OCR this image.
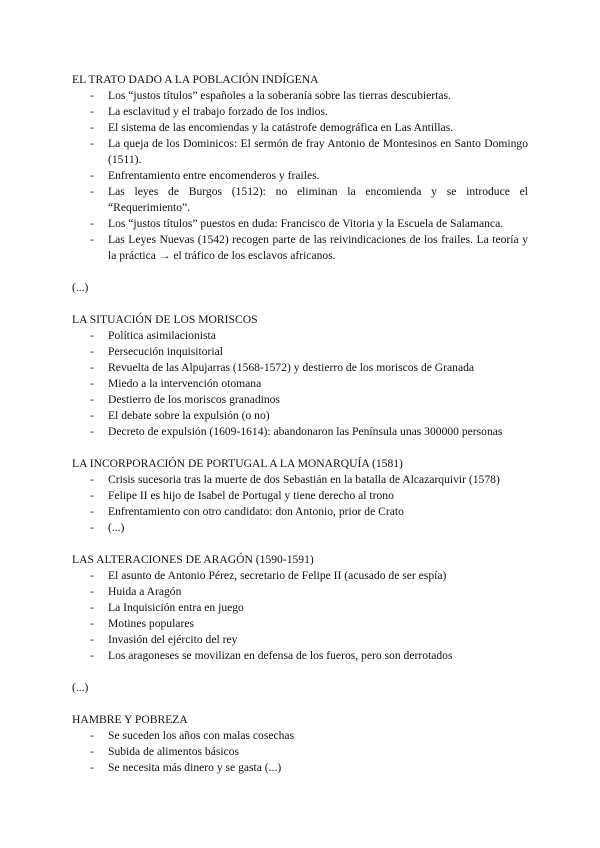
EL TRATO DADO A LA POBLACIÓN INDÍGENA
- Los “justos títulos” españoles a la soberanía sobre las tierras descubiertas.
- La esclavitud y el trabajo forzado de los indios.
- El sistema de las encomiendas y la catástrofe demográfica en Las Antillas.
- La queja de los Dominicos: El sermón de fray Antonio de Montesinos en Santo Domingo (1511).
- Enfrentamiento entre encomenderos y frailes.
- Las leyes de Burgos (1512): no eliminan la encomienda y se introduce el “Requerimiento”.
- Los “justos títulos” puestos en duda: Francisco de Vitoria y la Escuela de Salamanca.
- Las Leyes Nuevas (1542) recogen parte de las reivindicaciones de los frailes. La teoría y la práctica → el tráfico de los esclavos africanos.
(...)
LA SITUACIÓN DE LOS MORISCOS
- Política asimilacionista
- Persecución inquisitorial
- Revuelta de las Alpujarras (1568-1572) y destierro de los moriscos de Granada
- Miedo a la intervención otomana
- Destierro de los moriscos granadinos
- El debate sobre la expulsión (o no)
- Decreto de expulsión (1609-1614): abandonaron las Península unas 300000 personas
LA INCORPORACIÓN DE PORTUGAL A LA MONARQUÍA (1581)
- Crisis sucesoria tras la muerte de dos Sebastián en la batalla de Alcazarquivir (1578)
- Felipe II es hijo de Isabel de Portugal y tiene derecho al trono
- Enfrentamiento con otro candidato: don Antonio, prior de Crato
- (...)
LAS ALTERACIONES DE ARAGÓN (1590-1591)
- El asunto de Antonio Pérez, secretario de Felipe II (acusado de ser espía)
- Huida a Aragón
- La Inquisición entra en juego
- Motines populares
- Invasión del ejército del rey
- Los aragoneses se movilizan en defensa de los fueros, pero son derrotados
(...)
HAMBRE Y POBREZA
- Se suceden los años con malas cosechas
- Subida de alimentos básicos
- Se necesita más dinero y se gasta (...)
